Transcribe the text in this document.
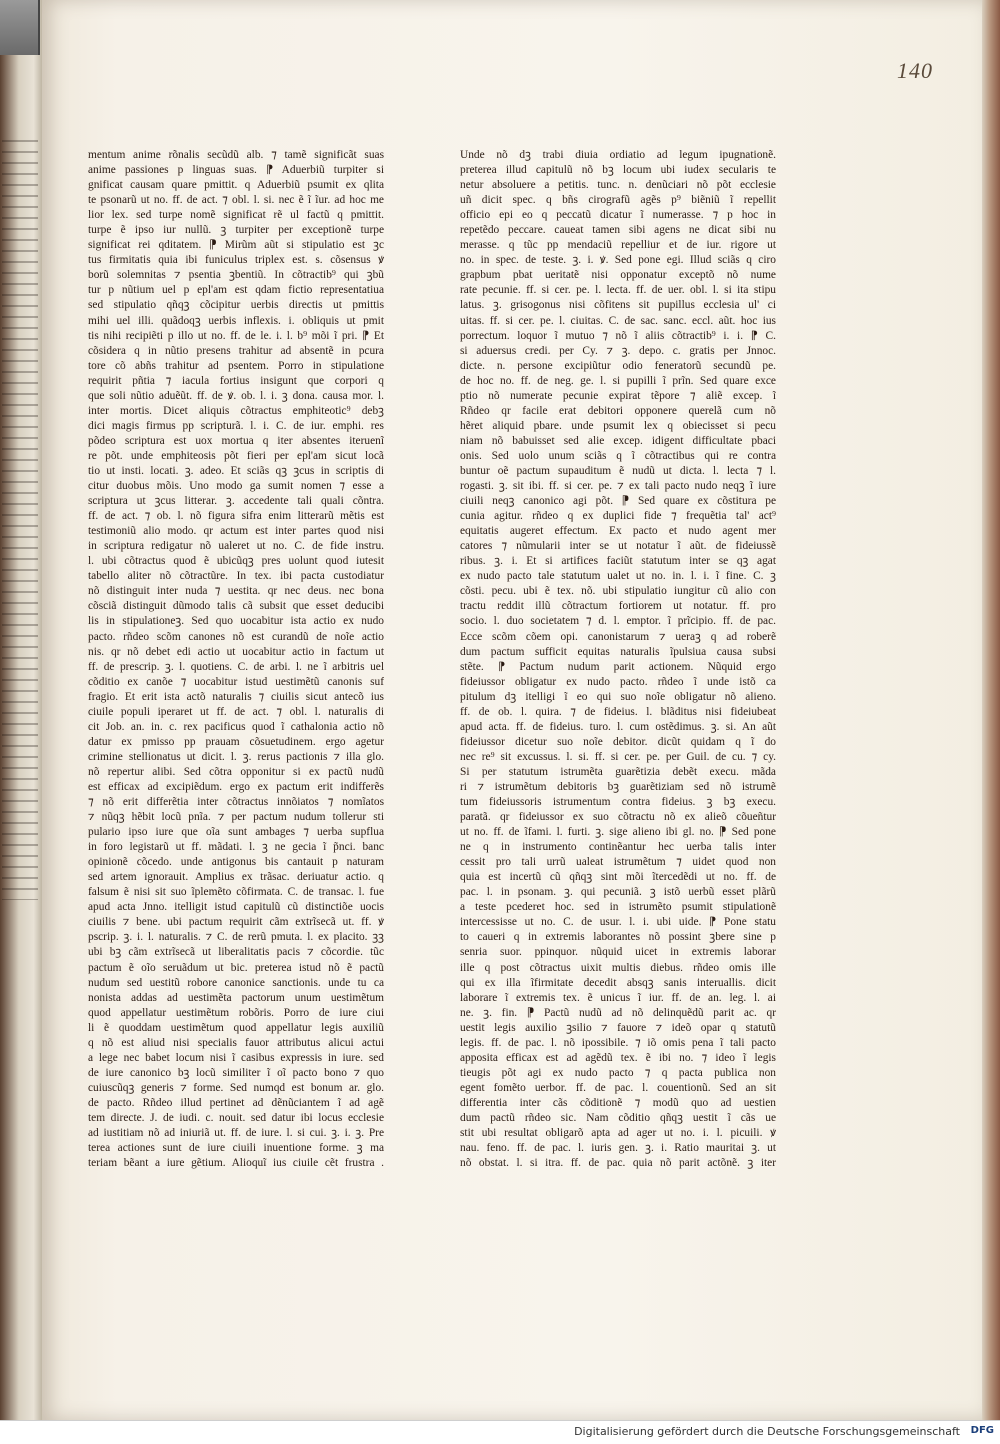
140
mentum anime rõnalis secũdũ alb. ⁊ tamẽ significãt suas
anime passiones p linguas suas. ⁋ Aduerbiũ turpiter si
gnificat causam quare pmittit. q Aduerbiũ psumit ex qlita
te psonarũ ut no. ff. de act. ⁊ obl. l. si. nec ẽ ĩ ĩur. ad hoc me
lior lex. sed turpe nomẽ significat rẽ ul factũ q pmittit.
turpe ẽ ipso iur nullũ. ꝫ turpiter per exceptionẽ turpe
significat rei qditatem. ⁋ Mirũm aũt si stipulatio est ꝫc
tus firmitatis quia ibi funiculus triplex est. s. cõsensus ꝟ
borũ solemnitas ⁊ psentia ꝫbentiũ. In cõtractib⁹ qui ꝫbũ
tur p nũtium uel p epl'am est qdam fictio representatiua
sed stipulatio qñqꝫ cõcipitur uerbis directis ut pmittis
mihi uel illi. quãdoqꝫ uerbis inflexis. i. obliquis ut pmit
tis nihi recipiẽti p illo ut no. ff. de le. i. l. b⁹ mõi ĩ pri. ⁋ Et
cõsidera q in nũtio presens trahitur ad absentẽ in pcura
tore cõ abñs trahitur ad psentem. Porro in stipulatione
requirit pñtia ⁊ iacula fortius insigunt que corpori q
que soli nũtio aduẽũt. ff. de ꝟ. ob. l. i. ꝫ dona. causa mor. l.
inter mortis. Dicet aliquis cõtractus emphiteotic⁹ debꝫ
dici magis firmus pp scripturã. l. i. C. de iur. emphi. res
põdeo scriptura est uox mortua q iter absentes iteruenĩ
re põt. unde emphiteosis põt fieri per epl'am sicut locã
tio ut insti. locati. ꝫ. adeo. Et sciãs qꝫ ꝫcus in scriptis di
citur duobus mõis. Uno modo ga sumit nomen ⁊ esse a
scriptura ut ꝫcus litterar. ꝫ. accedente tali quali cõntra.
ff. de act. ⁊ ob. l. nõ figura sifra enim litterarũ mẽtis est
testimoniũ alio modo. qr actum est inter partes quod nisi
in scriptura redigatur nõ ualeret ut no. C. de fide instru.
l. ubi cõtractus quod ẽ ubicũqꝫ pres uolunt quod iutesit
tabello aliter nõ cõtractũre. In tex. ibi pacta custodiatur
nõ distinguit inter nuda ⁊ uestita. qr nec deus. nec bona
cõsciã distinguit dũmodo talis cã subsit que esset deducibi
lis in stipulationeꝫ. Sed quo uocabitur ista actio ex nudo
pacto. rñdeo scõm canones nõ est curandũ de noĩe actio
nis. qr nõ debet edi actio ut uocabitur actio in factum ut
ff. de prescrip. ꝫ. l. quotiens. C. de arbi. l. ne ĩ arbitris uel
cõditio ex canõe ⁊ uocabitur istud uestimẽtũ canonis suf
fragio. Et erit ista actõ naturalis ⁊ ciuilis sicut antecõ ius
ciuile populi iperaret ut ff. de act. ⁊ obl. l. naturalis di
cit Job. an. in. c. rex pacificus quod ĩ cathalonia actio nõ
datur ex pmisso pp prauam cõsuetudinem. ergo agetur
crimine stellionatus ut dicit. l. ꝫ. rerus pactionis ⁊ illa glo.
nõ repertur alibi. Sed cõtra opponitur si ex pactũ nudũ
est efficax ad excipiẽdum. ergo ex pactum erit indifferẽs
⁊ nõ erit differẽtia inter cõtractus innõiatos ⁊ nomĩatos
⁊ nũqꝫ hẽbit locũ pnĩa. ⁊ per pactum nudum tollerur sti
pulario ipso iure que oĩa sunt ambages ⁊ uerba supflua
in foro legistarũ ut ff. mãdati. l. ꝫ ne gecia ĩ p̃nci. banc
opinionẽ cõcedo. unde antigonus bis cantauit p naturam
sed artem ignorauit. Amplius ex trãsac. deriuatur actio. q
falsum ẽ nisi sit suo ĩplemẽto cõfirmata. C. de transac. l. fue
apud acta Jnno. itelligit istud capitulũ cũ distinctiõe uocis
ciuilis ⁊ bene. ubi pactum requirit cãm extrĩsecã ut. ff. ꝟ
pscrip. ꝫ. i. l. naturalis. ⁊ C. de rerũ pmuta. l. ex placito. ꝫꝫ
ubi bꝫ cãm extrĩsecã ut liberalitatis pacis ⁊ cõcordie. tũc
pactum ẽ oĩo seruãdum ut bic. preterea istud nõ ẽ pactũ
nudum sed uestitũ robore canonice sanctionis. unde tu ca
nonista addas ad uestimẽta pactorum unum uestimẽtum
quod appellatur uestimẽtum robõris. Porro de iure ciui
li ẽ quoddam uestimẽtum quod appellatur legis auxiliũ
q nõ est aliud nisi specialis fauor attributus alicui actui
a lege nec babet locum nisi ĩ casibus expressis in iure. sed
de iure canonico bꝫ locũ similiter ĩ oĩ pacto bono ⁊ quo
cuiuscũqꝫ generis ⁊ forme. Sed numqd est bonum ar. glo.
de pacto. Rñdeo illud pertinet ad dẽnũciantem ĩ ad agẽ
tem directe. J. de iudi. c. nouit. sed datur ibi locus ecclesie
ad iustitiam nõ ad iniuriã ut. ff. de iure. l. si cui. ꝫ. i. ꝫ. Pre
terea actiones sunt de iure ciuili inuentione forme. ꝫ ma
teriam bẽant a iure gẽtium. Alioquĩ ius ciuile cẽt frustra .
Unde nõ dꝫ trabi diuia ordiatio ad legum ipugnationẽ.
preterea illud capitulũ nõ bꝫ locum ubi iudex secularis te
netur absoluere a petitis. tunc. n. denũciari nõ põt ecclesie
uñ dicit spec. q bñs cirografũ agẽs p⁹ biẽniũ ĩ repellit
officio epi eo q peccatũ dicatur ĩ numerasse. ⁊ p hoc in
repetẽdo peccare. caueat tamen sibi agens ne dicat sibi nu
merasse. q tũc pp mendaciũ repelliur et de iur. rigore ut
no. in spec. de teste. ꝫ. i. ꝟ. Sed pone egi. Illud sciãs q ciro
grapbum pbat ueritatẽ nisi opponatur exceptõ nõ nume
rate pecunie. ff. si cer. pe. l. lecta. ff. de uer. obl. l. si ita stipu
latus. ꝫ. grisogonus nisi cõfitens sit pupillus ecclesia ul' ci
uitas. ff. si cer. pe. l. ciuitas. C. de sac. sanc. eccl. aũt. hoc ius
porrectum. loquor ĩ mutuo ⁊ nõ ĩ aliis cõtractib⁹ i. i. ⁋ C.
si aduersus credi. per Cy. ⁊ ꝫ. depo. c. gratis per Jnnoc.
dicte. n. persone excipiũtur odio feneratorũ secundũ pe.
de hoc no. ff. de neg. ge. l. si pupilli ĩ prĩn. Sed quare exce
ptio nõ numerate pecunie expirat tẽpore ⁊ aliẽ excep. ĩ
Rñdeo qr facile erat debitori opponere querelã cum nõ
hẽret aliquid pbare. unde psumit lex q obiecisset si pecu
niam nõ babuisset sed alie excep. idigent difficultate pbaci
onis. Sed uolo unum sciãs q ĩ cõtractibus qui re contra
buntur oẽ pactum supauditum ẽ nudũ ut dicta. l. lecta ⁊ l.
rogasti. ꝫ. sit ibi. ff. si cer. pe. ⁊ ex tali pacto nudo neqꝫ ĩ iure
ciuili neqꝫ canonico agi põt. ⁋ Sed quare ex cõstitura pe
cunia agitur. rñdeo q ex duplici fide ⁊ frequẽtia tal' act⁹
equitatis augeret effectum. Ex pacto et nudo agent mer
catores ⁊ nũmularii inter se ut notatur ĩ aũt. de fideiussẽ
ribus. ꝫ. i. Et si artifices faciũt statutum inter se qꝫ agat
ex nudo pacto tale statutum ualet ut no. in. l. i. ĩ fine. C. ꝫ
cõsti. pecu. ubi ẽ tex. nõ. ubi stipulatio iungitur cũ alio con
tractu reddit illũ cõtractum fortiorem ut notatur. ff. pro
socio. l. duo societatem ⁊ d. l. emptor. ĩ prĩcipio. ff. de pac.
Ecce scõm cõem opi. canonistarum ⁊ ueraꝫ q ad roberẽ
dum pactum sufficit equitas naturalis ĩpulsiua causa subsi
stẽte. ⁋ Pactum nudum parit actionem. Nũquid ergo
fideiussor obligatur ex nudo pacto. rñdeo ĩ unde istõ ca
pitulum dꝫ itelligi ĩ eo qui suo noĩe obligatur nõ alieno.
ff. de ob. l. quira. ⁊ de fideius. l. blãditus nisi fideiubeat
apud acta. ff. de fideius. turo. l. cum ostẽdimus. ꝫ. si. An aũt
fideiussor dicetur suo noĩe debitor. dicũt quidam q ĩ do
nec re⁹ sit excussus. l. si. ff. si cer. pe. per Guil. de cu. ⁊ cy.
Si per statutum istrumẽta guarẽtizia debẽt execu. mãda
ri ⁊ istrumẽtum debitoris bꝫ guarẽtiziam sed nõ istrumẽ
tum fideiussoris istrumentum contra fideius. ꝫ bꝫ execu.
paratã. qr fideiussor ex suo cõtractu nõ ex alieõ cõueñtur
ut no. ff. de ĩfami. l. furti. ꝫ. sige alieno ibi gl. no. ⁋ Sed pone
ne q in instrumento continẽantur hec uerba talis inter
cessit pro tali urrũ ualeat istrumẽtum ⁊ uidet quod non
quia est incertũ cũ qñqꝫ sint mõi ĩtercedẽdi ut no. ff. de
pac. l. in psonam. ꝫ. qui pecuniã. ꝫ istõ uerbũ esset plãrũ
a teste pcederet hoc. sed in istrumẽto psumit stipulationẽ
intercessisse ut no. C. de usur. l. i. ubi uide. ⁋ Pone statu
to caueri q in extremis laborantes nõ possint ꝫbere sine p
senria suor. ppinquor. nũquid uicet in extremis laborar
ille q post cõtractus uixit multis diebus. rñdeo omis ille
qui ex illa ĩfirmitate decedit absqꝫ sanis interuallis. dicit
laborare ĩ extremis tex. ẽ unicus ĩ iur. ff. de an. leg. l. ai
ne. ꝫ. fin. ⁋ Pactũ nudũ ad nõ delinquẽdũ parit ac. qr
uestit legis auxilio ꝫsilio ⁊ fauore ⁊ ideõ opar q statutũ
legis. ff. de pac. l. nõ ipossibile. ⁊ iõ omis pena ĩ tali pacto
apposita efficax est ad agẽdũ tex. ẽ ibi no. ⁊ ideo ĩ legis
tieugis põt agi ex nudo pacto ⁊ q pacta publica non
egent fomẽto uerbor. ff. de pac. l. couentionũ. Sed an sit
differentia inter cãs cõditionẽ ⁊ modũ quo ad uestien
dum pactũ rñdeo sic. Nam cõditio qñqꝫ uestit ĩ cãs ue
stit ubi resultat obligarõ apta ad ager ut no. i. l. picuili. ꝟ
nau. feno. ff. de pac. l. iuris gen. ꝫ. i. Ratio mauritai ꝫ. ut
nõ obstat. l. si itra. ff. de pac. quia nõ parit actõnẽ. ꝫ iter
Digitalisierung gefördert durch die Deutsche Forschungsgemeinschaft DFG
